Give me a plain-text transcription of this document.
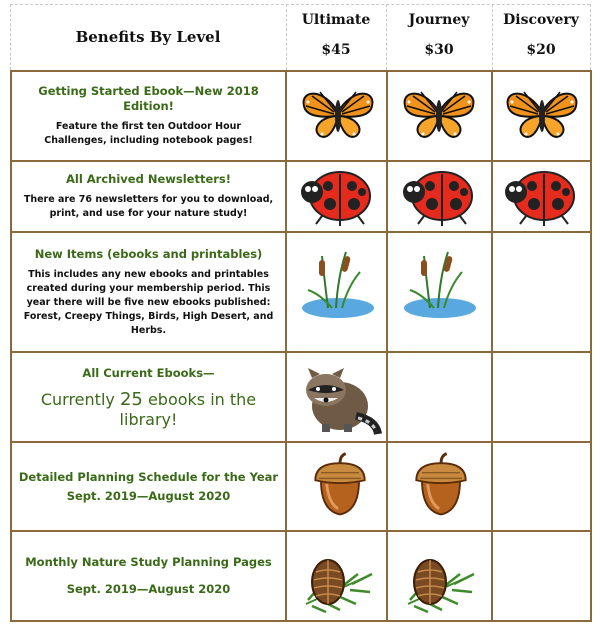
Benefits By Level
Ultimate
$45
Journey
$30
Discovery
$20
Getting Started Ebook—New 2018 Edition!
Feature the first ten Outdoor Hour Challenges, including notebook pages!
All Archived Newsletters!
There are 76 newsletters for you to download, print, and use for your nature study!
New Items (ebooks and printables)
This includes any new ebooks and printables created during your membership period. This year there will be five new ebooks published: Forest, Creepy Things, Birds, High Desert, and Herbs.
All Current Ebooks—
Currently 25 ebooks in the library!
Detailed Planning Schedule for the Year
Sept. 2019—August 2020
Monthly Nature Study Planning Pages
Sept. 2019—August 2020
